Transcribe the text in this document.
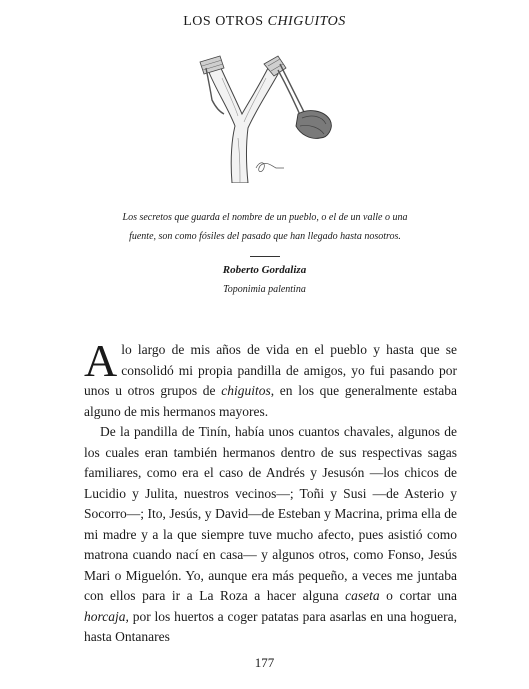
LOS OTROS CHIGUITOS
Los secretos que guarda el nombre de un pueblo, o el de un valle o una
fuente, son como fósiles del pasado que han llegado hasta nosotros.
Roberto Gordaliza
Toponimia palentina

A lo largo de mis años de vida en el pueblo y hasta que se consolidó mi propia pandilla de amigos, yo fui pasando por unos u otros grupos de chiguitos, en los que generalmente estaba alguno de mis hermanos mayores.

De la pandilla de Tinín, había unos cuantos chavales, algunos de los cuales eran también hermanos dentro de sus respectivas sagas familiares, como era el caso de Andrés y Jesusón —los chicos de Lucidio y Julita, nuestros vecinos—; Toñi y Susi —de Asterio y Socorro—; Ito, Jesús, y David—de Esteban y Macrina, prima ella de mi madre y a la que siempre tuve mucho afecto, pues asistió como matrona cuando nací en casa— y algunos otros, como Fonso, Jesús Mari o Miguelón. Yo, aunque era más pequeño, a veces me juntaba con ellos para ir a La Roza a hacer alguna caseta o cortar una horcaja, por los huertos a coger patatas para asarlas en una hoguera, hasta Ontanares

177
